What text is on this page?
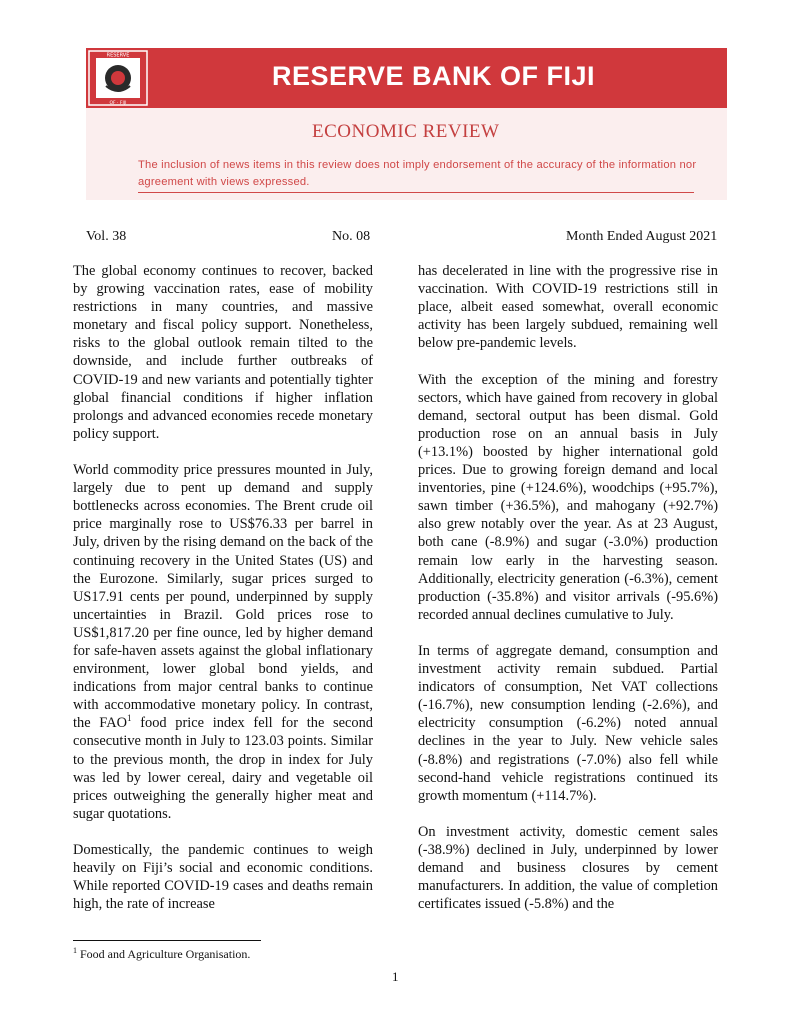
RESERVE
OF · FIJI
RESERVE BANK OF FIJI
ECONOMIC REVIEW
The inclusion of news items in this review does not imply endorsement of the accuracy of the information nor agreement with views expressed.
Vol. 38	No. 08	Month Ended August 2021

The global economy continues to recover, backed by growing vaccination rates, ease of mobility restrictions in many countries, and massive monetary and fiscal policy support. Nonetheless, risks to the global outlook remain tilted to the downside, and include further outbreaks of COVID-19 and new variants and potentially tighter global financial conditions if higher inflation prolongs and advanced economies recede monetary policy support.

World commodity price pressures mounted in July, largely due to pent up demand and supply bottlenecks across economies. The Brent crude oil price marginally rose to US$76.33 per barrel in July, driven by the rising demand on the back of the continuing recovery in the United States (US) and the Eurozone. Similarly, sugar prices surged to US17.91 cents per pound, underpinned by supply uncertainties in Brazil. Gold prices rose to US$1,817.20 per fine ounce, led by higher demand for safe-haven assets against the global inflationary environment, lower global bond yields, and indications from major central banks to continue with accommodative monetary policy. In contrast, the FAO$^1$ food price index fell for the second consecutive month in July to 123.03 points. Similar to the previous month, the drop in index for July was led by lower cereal, dairy and vegetable oil prices outweighing the generally higher meat and sugar quotations.

Domestically, the pandemic continues to weigh heavily on Fiji’s social and economic conditions. While reported COVID-19 cases and deaths remain high, the rate of increase

has decelerated in line with the progressive rise in vaccination. With COVID-19 restrictions still in place, albeit eased somewhat, overall economic activity has been largely subdued, remaining well below pre-pandemic levels.

With the exception of the mining and forestry sectors, which have gained from recovery in global demand, sectoral output has been dismal. Gold production rose on an annual basis in July (+13.1%) boosted by higher international gold prices. Due to growing foreign demand and local inventories, pine (+124.6%), woodchips (+95.7%), sawn timber (+36.5%), and mahogany (+92.7%) also grew notably over the year. As at 23 August, both cane (-8.9%) and sugar (-3.0%) production remain low early in the harvesting season. Additionally, electricity generation (-6.3%), cement production (-35.8%) and visitor arrivals (-95.6%) recorded annual declines cumulative to July.

In terms of aggregate demand, consumption and investment activity remain subdued. Partial indicators of consumption, Net VAT collections (-16.7%), new consumption lending (-2.6%), and electricity consumption (-6.2%) noted annual declines in the year to July. New vehicle sales (-8.8%) and registrations (-7.0%) also fell while second-hand vehicle registrations continued its growth momentum (+114.7%).

On investment activity, domestic cement sales (-38.9%) declined in July, underpinned by lower demand and business closures by cement manufacturers. In addition, the value of completion certificates issued (-5.8%) and the

$^1$ Food and Agriculture Organisation.
1
